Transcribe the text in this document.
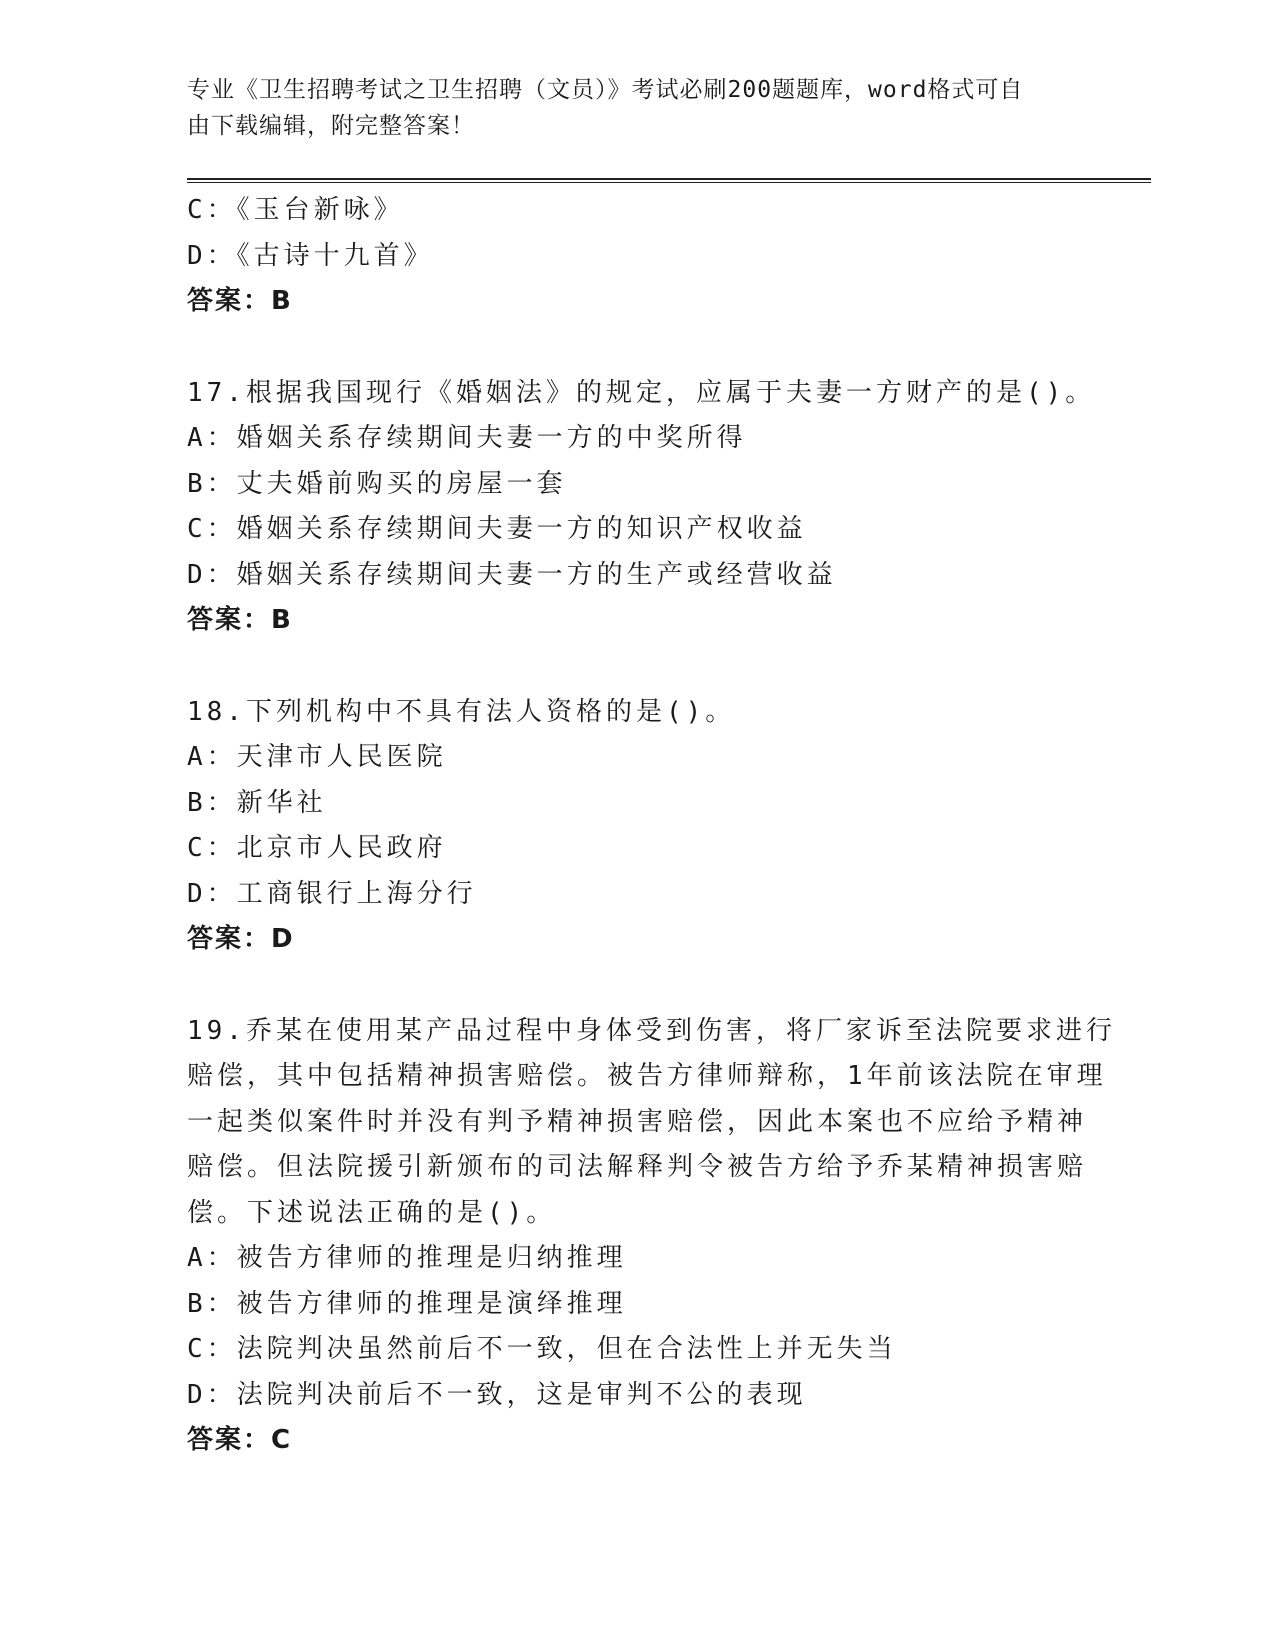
专业《卫生招聘考试之卫生招聘（文员）》考试必刷200题题库，word格式可自
由下载编辑，附完整答案！
C：《玉台新咏》
D：《古诗十九首》
答案：B
17.根据我国现行《婚姻法》的规定，应属于夫妻一方财产的是()。
A：婚姻关系存续期间夫妻一方的中奖所得
B：丈夫婚前购买的房屋一套
C：婚姻关系存续期间夫妻一方的知识产权收益
D：婚姻关系存续期间夫妻一方的生产或经营收益
答案：B
18.下列机构中不具有法人资格的是()。
A：天津市人民医院
B：新华社
C：北京市人民政府
D：工商银行上海分行
答案：D
19.乔某在使用某产品过程中身体受到伤害，将厂家诉至法院要求进行
赔偿，其中包括精神损害赔偿。被告方律师辩称，1年前该法院在审理
一起类似案件时并没有判予精神损害赔偿，因此本案也不应给予精神
赔偿。但法院援引新颁布的司法解释判令被告方给予乔某精神损害赔
偿。下述说法正确的是()。
A：被告方律师的推理是归纳推理
B：被告方律师的推理是演绎推理
C：法院判决虽然前后不一致，但在合法性上并无失当
D：法院判决前后不一致，这是审判不公的表现
答案：C
